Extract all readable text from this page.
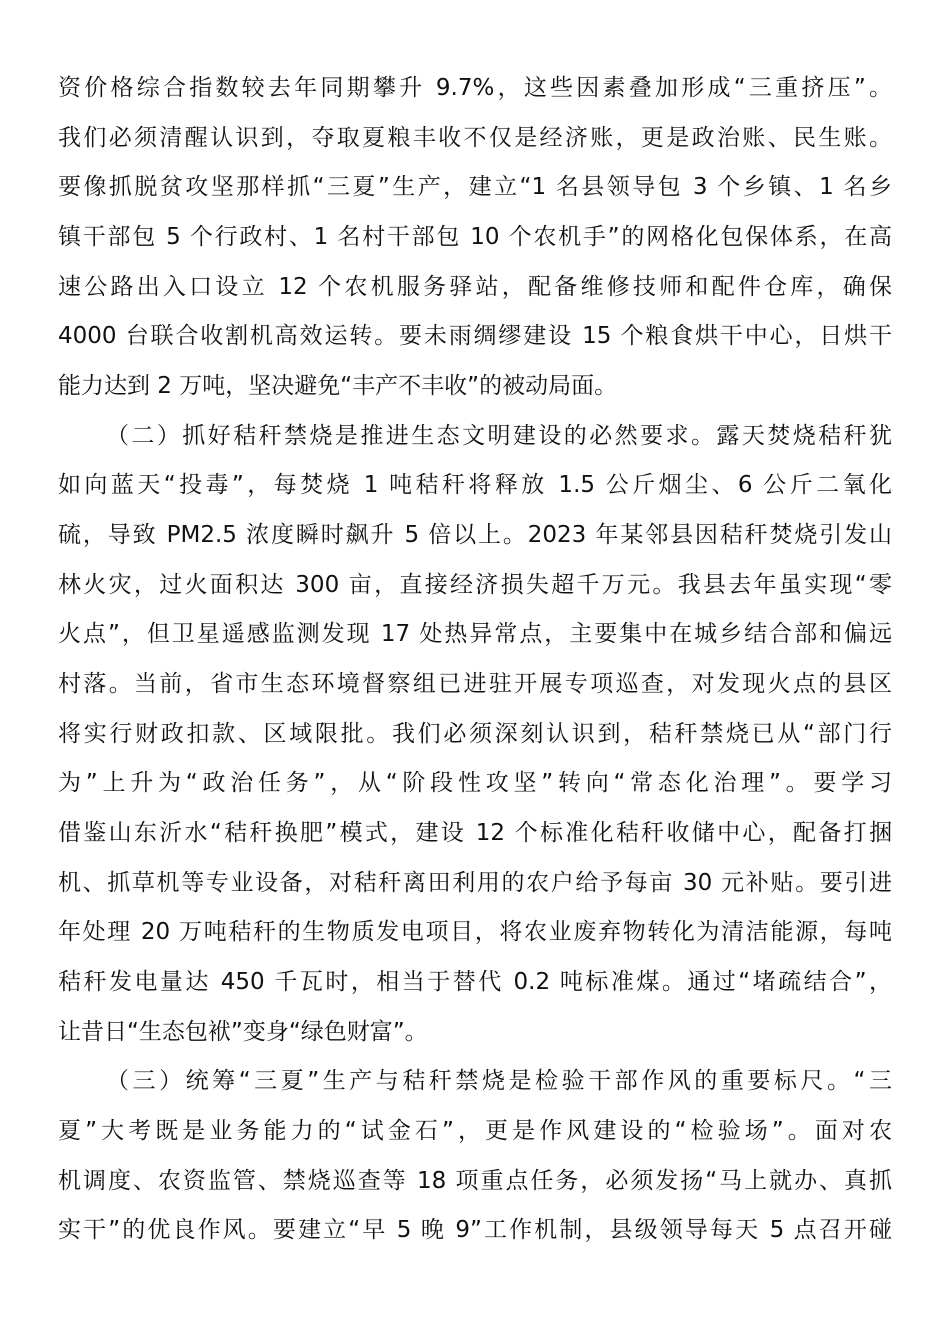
资价格综合指数较去年同期攀升 9.7%，这些因素叠加形成“三重挤压”。
我们必须清醒认识到，夺取夏粮丰收不仅是经济账，更是政治账、民生账。
要像抓脱贫攻坚那样抓“三夏”生产，建立“1 名县领导包 3 个乡镇、1 名乡
镇干部包 5 个行政村、1 名村干部包 10 个农机手”的网格化包保体系，在高
速公路出入口设立 12 个农机服务驿站，配备维修技师和配件仓库，确保
4000 台联合收割机高效运转。要未雨绸缪建设 15 个粮食烘干中心，日烘干
能力达到 2 万吨，坚决避免“丰产不丰收”的被动局面。
（二）抓好秸秆禁烧是推进生态文明建设的必然要求。露天焚烧秸秆犹
如向蓝天“投毒”，每焚烧 1 吨秸秆将释放 1.5 公斤烟尘、6 公斤二氧化
硫，导致 PM2.5 浓度瞬时飙升 5 倍以上。2023 年某邻县因秸秆焚烧引发山
林火灾，过火面积达 300 亩，直接经济损失超千万元。我县去年虽实现“零
火点”，但卫星遥感监测发现 17 处热异常点，主要集中在城乡结合部和偏远
村落。当前，省市生态环境督察组已进驻开展专项巡查，对发现火点的县区
将实行财政扣款、区域限批。我们必须深刻认识到，秸秆禁烧已从“部门行
为”上升为“政治任务”，从“阶段性攻坚”转向“常态化治理”。要学习
借鉴山东沂水“秸秆换肥”模式，建设 12 个标准化秸秆收储中心，配备打捆
机、抓草机等专业设备，对秸秆离田利用的农户给予每亩 30 元补贴。要引进
年处理 20 万吨秸秆的生物质发电项目，将农业废弃物转化为清洁能源，每吨
秸秆发电量达 450 千瓦时，相当于替代 0.2 吨标准煤。通过“堵疏结合”，
让昔日“生态包袱”变身“绿色财富”。
（三）统筹“三夏”生产与秸秆禁烧是检验干部作风的重要标尺。“三
夏”大考既是业务能力的“试金石”，更是作风建设的“检验场”。面对农
机调度、农资监管、禁烧巡查等 18 项重点任务，必须发扬“马上就办、真抓
实干”的优良作风。要建立“早 5 晚 9”工作机制，县级领导每天 5 点召开碰
